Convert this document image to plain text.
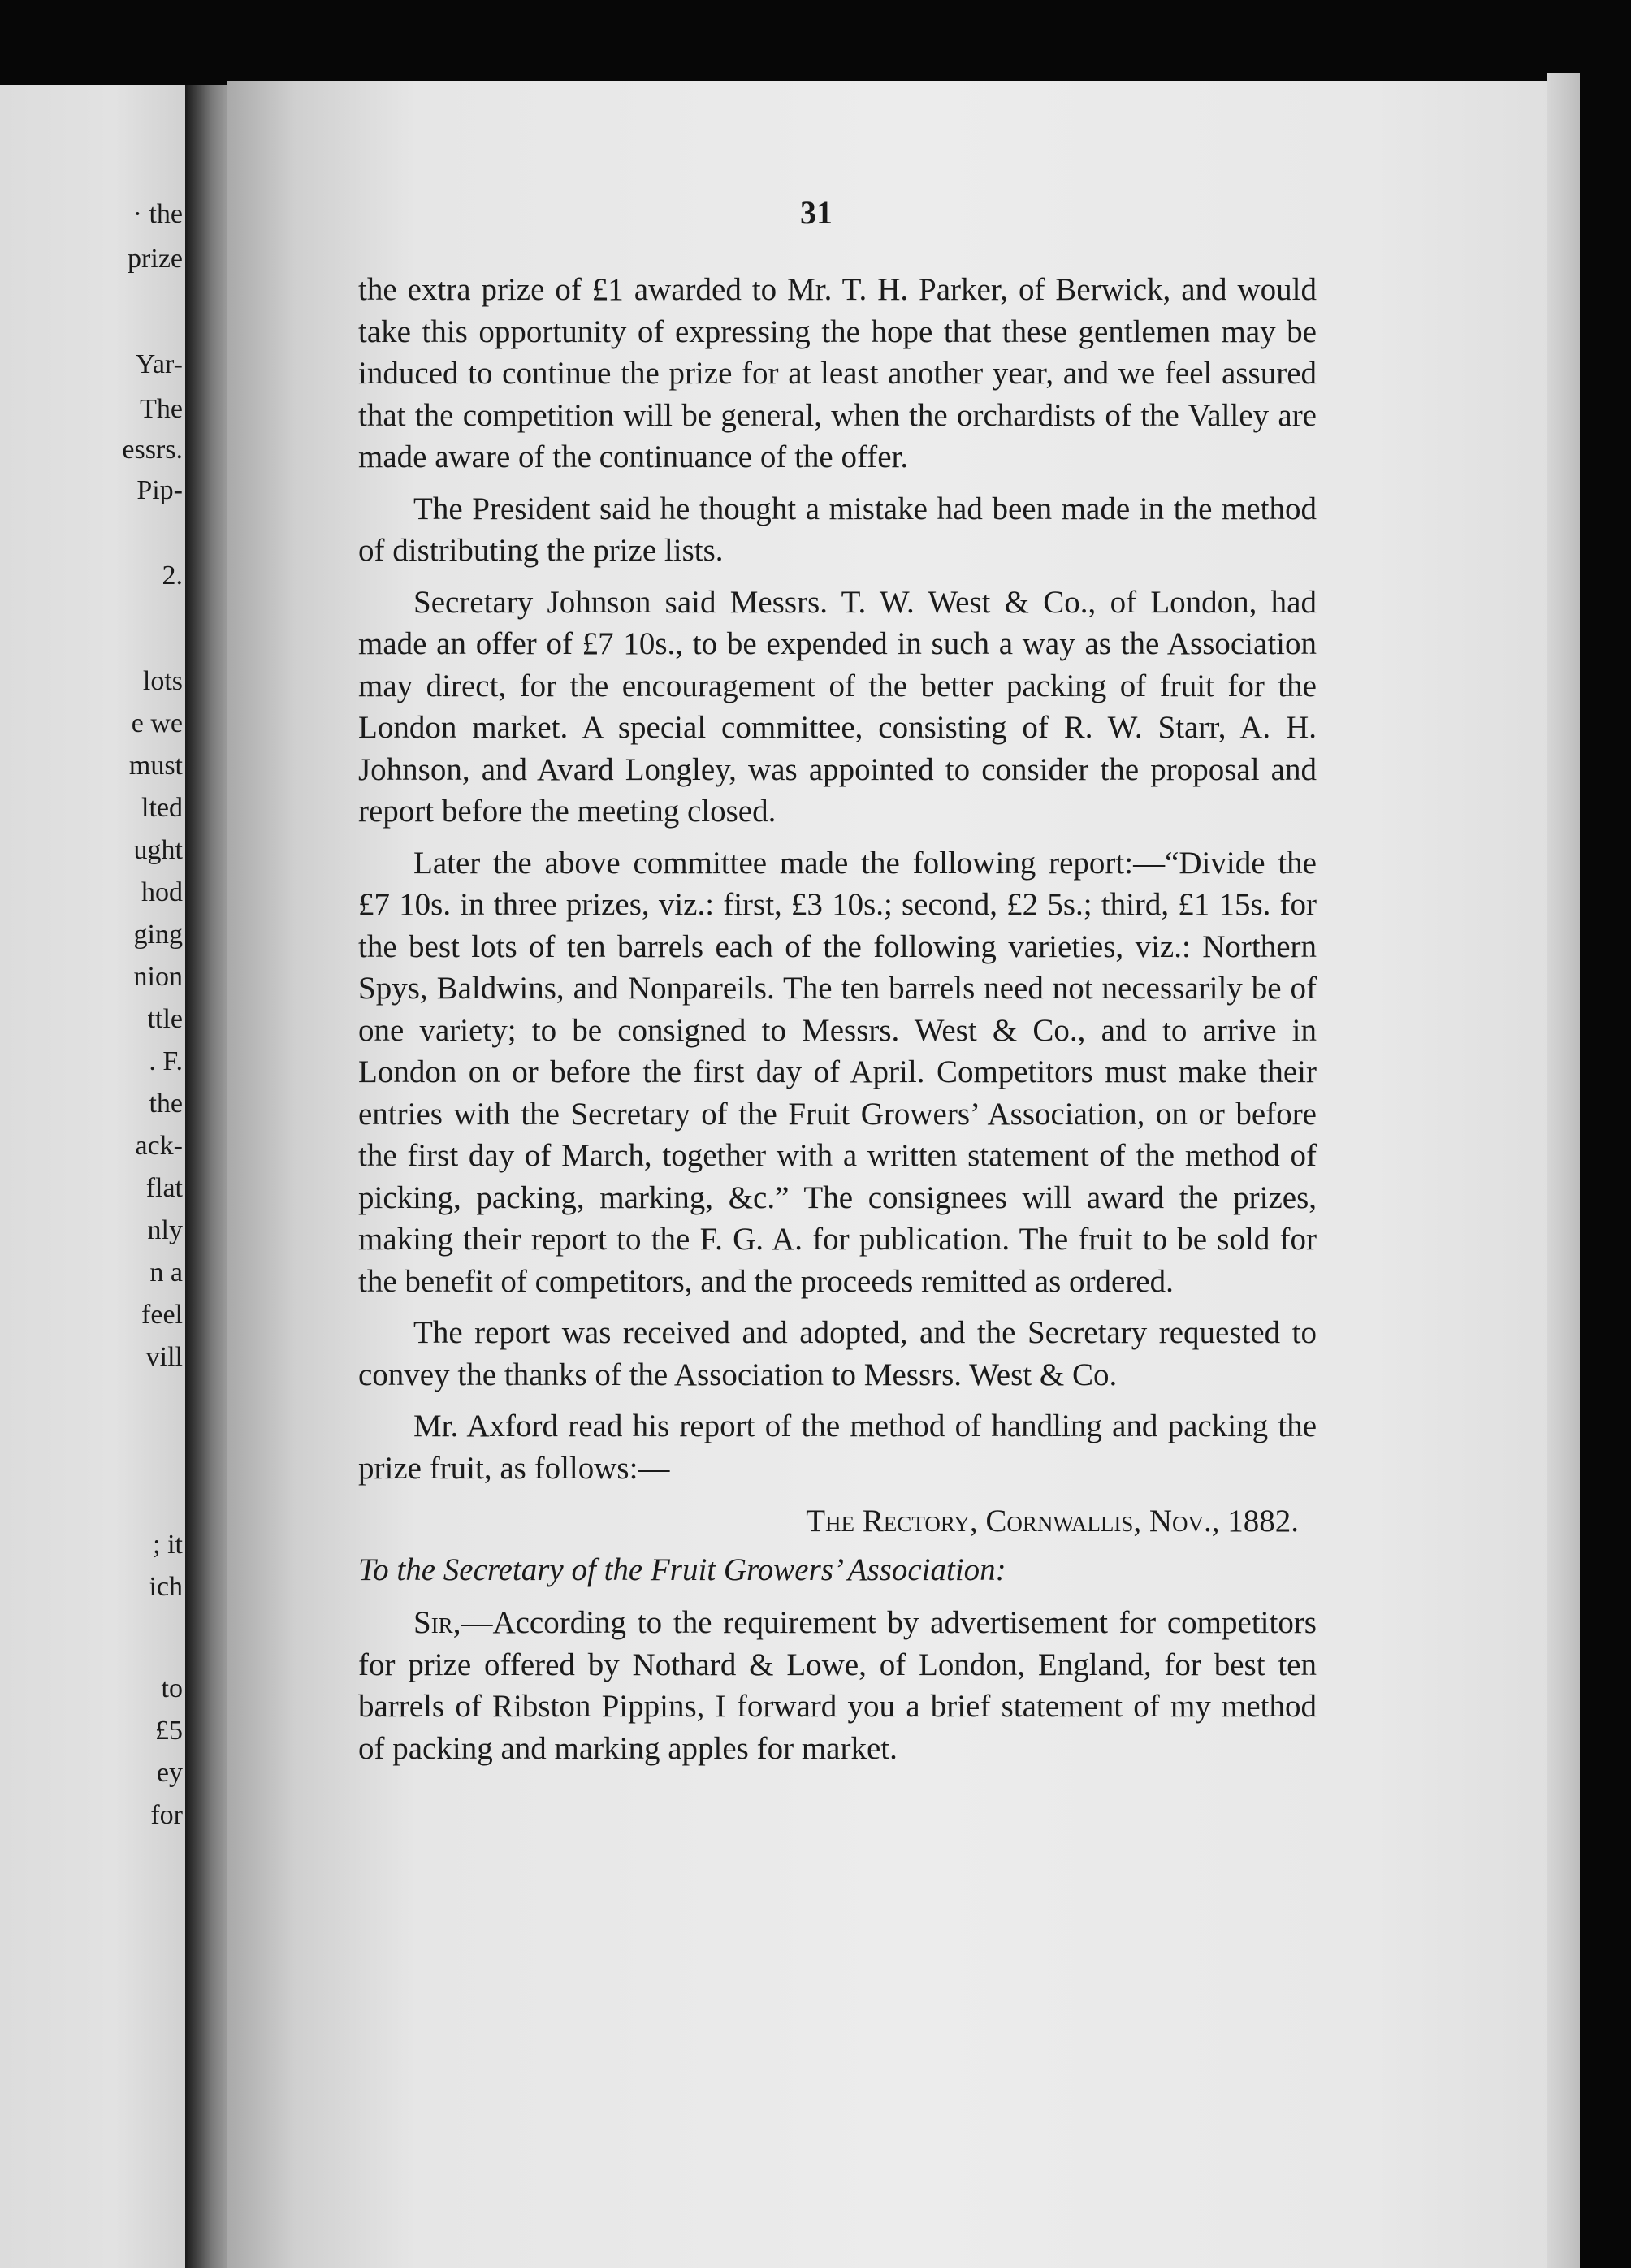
· the
prize
Yar-
The
essrs.
Pip-
2.
lots
e we
must
lted
ught
hod
ging
nion
ttle
. F.
the
ack-
flat
nly
n a
feel
vill
; it
ich
to
£5
ey
for
31

the extra prize of £1 awarded to Mr. T. H. Parker, of Berwick, and would take this opportunity of expressing the hope that these gentlemen may be induced to continue the prize for at least another year, and we feel assured that the competition will be general, when the orchardists of the Valley are made aware of the continuance of the offer.

The President said he thought a mistake had been made in the method of distributing the prize lists.

Secretary Johnson said Messrs. T. W. West & Co., of London, had made an offer of £7 10s., to be expended in such a way as the Association may direct, for the encouragement of the better packing of fruit for the London market. A special committee, consisting of R. W. Starr, A. H. Johnson, and Avard Longley, was appointed to consider the proposal and report before the meeting closed.

Later the above committee made the following report:—“Divide the £7 10s. in three prizes, viz.: first, £3 10s.; second, £2 5s.; third, £1 15s. for the best lots of ten barrels each of the following varieties, viz.: Northern Spys, Baldwins, and Nonpareils. The ten barrels need not necessarily be of one variety; to be consigned to Messrs. West & Co., and to arrive in London on or before the first day of April. Competitors must make their entries with the Secretary of the Fruit Growers’ Association, on or before the first day of March, together with a written statement of the method of picking, packing, marking, &c.” The consignees will award the prizes, making their report to the F. G. A. for publication. The fruit to be sold for the benefit of competitors, and the proceeds remitted as ordered.

The report was received and adopted, and the Secretary requested to convey the thanks of the Association to Messrs. West & Co.

Mr. Axford read his report of the method of handling and packing the prize fruit, as follows:—

The Rectory, Cornwallis, Nov., 1882.
To the Secretary of the Fruit Growers’ Association:

Sir,—According to the requirement by advertisement for competitors for prize offered by Nothard & Lowe, of London, England, for best ten barrels of Ribston Pippins, I forward you a brief statement of my method of packing and marking apples for market.
